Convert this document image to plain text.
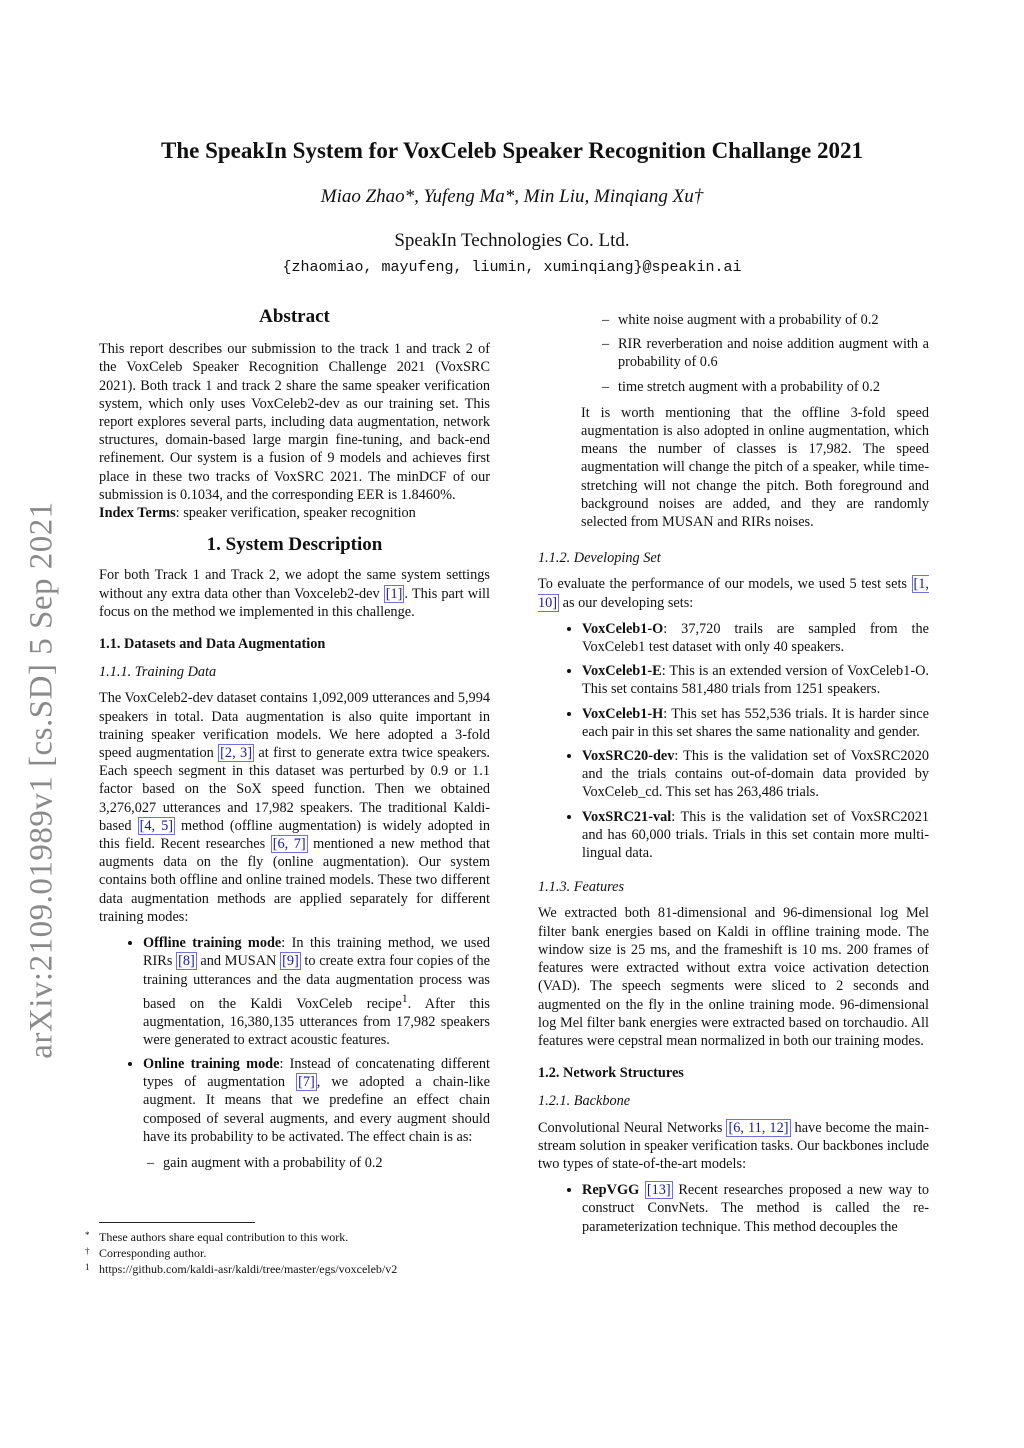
arXiv:2109.01989v1 [cs.SD] 5 Sep 2021
The SpeakIn System for VoxCeleb Speaker Recognition Challange 2021
Miao Zhao*, Yufeng Ma*, Min Liu, Minqiang Xu†
SpeakIn Technologies Co. Ltd.
{zhaomiao, mayufeng, liumin, xuminqiang}@speakin.ai
Abstract

This report describes our submission to the track 1 and track 2 of the VoxCeleb Speaker Recognition Challenge 2021 (VoxSRC 2021). Both track 1 and track 2 share the same speaker verification system, which only uses VoxCeleb2-dev as our training set. This report explores several parts, including data augmentation, network structures, domain-based large margin fine-tuning, and back-end refinement. Our system is a fusion of 9 models and achieves first place in these two tracks of VoxSRC 2021. The minDCF of our submission is 0.1034, and the corresponding EER is 1.8460%.
Index Terms: speaker verification, speaker recognition

1. System Description

For both Track 1 and Track 2, we adopt the same system settings without any extra data other than Voxceleb2-dev [1] . This part will focus on the method we implemented in this challenge.

1.1. Datasets and Data Augmentation
1.1.1. Training Data

The VoxCeleb2-dev dataset contains 1,092,009 utterances and 5,994 speakers in total. Data augmentation is also quite important in training speaker verification models. We here adopted a 3-fold speed augmentation [2, 3] at first to generate extra twice speakers. Each speech segment in this dataset was perturbed by 0.9 or 1.1 factor based on the SoX speed function. Then we obtained 3,276,027 utterances and 17,982 speakers. The traditional Kaldi-based [4, 5] method (offline augmentation) is widely adopted in this field. Recent researches [6, 7] mentioned a new method that augments data on the fly (online augmentation). Our system contains both offline and online trained models. These two different data augmentation methods are applied separately for different training modes:

• Offline training mode: In this training method, we used RIRs [8] and MUSAN [9] to create extra four copies of the training utterances and the data augmentation process was based on the Kaldi VoxCeleb recipe$^1$. After this augmentation, 16,380,135 utterances from 17,982 speakers were generated to extract acoustic features.
• Online training mode: Instead of concatenating different types of augmentation [7] , we adopted a chain-like augment. It means that we predefine an effect chain composed of several augments, and every augment should have its probability to be activated. The effect chain is as:
– gain augment with a probability of 0.2
– white noise augment with a probability of 0.2
– RIR reverberation and noise addition augment with a probability of 0.6
– time stretch augment with a probability of 0.2

It is worth mentioning that the offline 3-fold speed augmentation is also adopted in online augmentation, which means the number of classes is 17,982. The speed augmentation will change the pitch of a speaker, while time-stretching will not change the pitch. Both foreground and background noises are added, and they are randomly selected from MUSAN and RIRs noises.

1.1.2. Developing Set

To evaluate the performance of our models, we used 5 test sets [1, 10] as our developing sets:

• VoxCeleb1-O: 37,720 trails are sampled from the VoxCeleb1 test dataset with only 40 speakers.
• VoxCeleb1-E: This is an extended version of VoxCeleb1-O. This set contains 581,480 trials from 1251 speakers.
• VoxCeleb1-H: This set has 552,536 trials. It is harder since each pair in this set shares the same nationality and gender.
• VoxSRC20-dev: This is the validation set of VoxSRC2020 and the trials contains out-of-domain data provided by VoxCeleb_cd. This set has 263,486 trials.
• VoxSRC21-val: This is the validation set of VoxSRC2021 and has 60,000 trials. Trials in this set contain more multi-lingual data.
1.1.3. Features

We extracted both 81-dimensional and 96-dimensional log Mel filter bank energies based on Kaldi in offline training mode. The window size is 25 ms, and the frameshift is 10 ms. 200 frames of features were extracted without extra voice activation detection (VAD). The speech segments were sliced to 2 seconds and augmented on the fly in the online training mode. 96-dimensional log Mel filter bank energies were extracted based on torchaudio. All features were cepstral mean normalized in both our training modes.

1.2. Network Structures
1.2.1. Backbone

Convolutional Neural Networks [6, 11, 12] have become the main-stream solution in speaker verification tasks. Our backbones include two types of state-of-the-art models:

• RepVGG [13] Recent researches proposed a new way to construct ConvNets. The method is called the re-parameterization technique. This method decouples the
* These authors share equal contribution to this work.
† Corresponding author.
1 https://github.com/kaldi-asr/kaldi/tree/master/egs/voxceleb/v2
